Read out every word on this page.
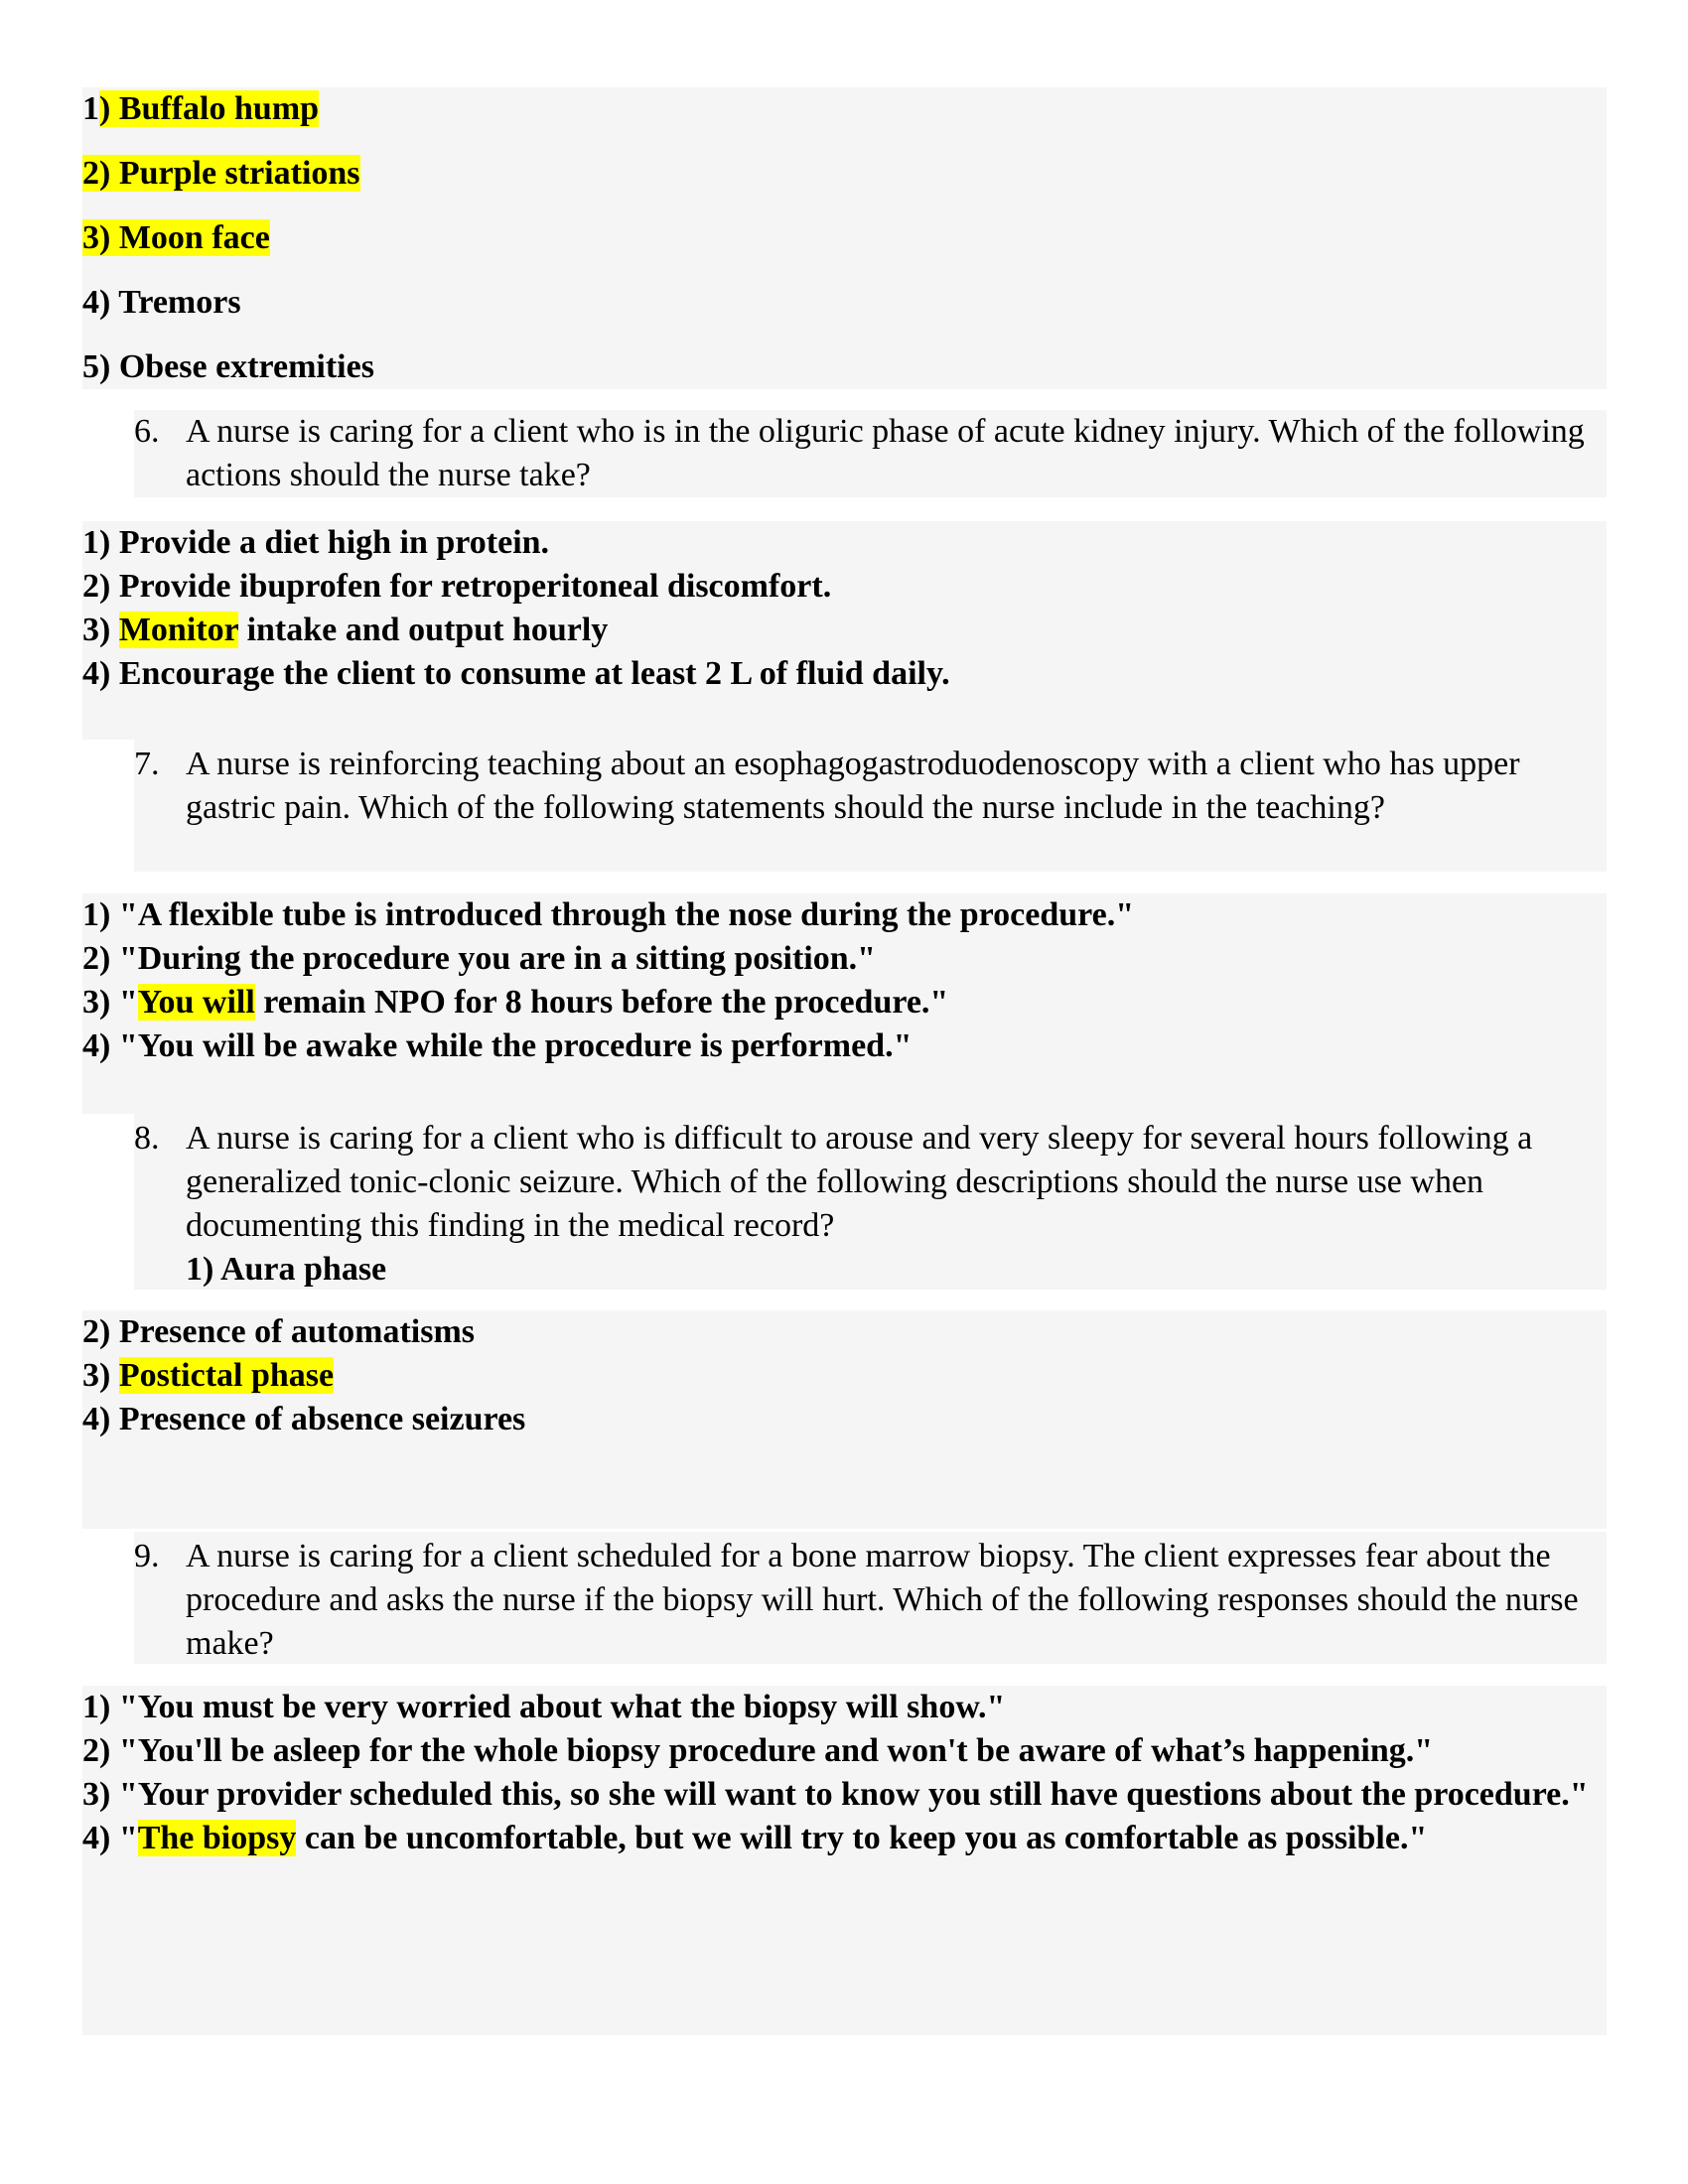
1) Buffalo hump
2) Purple striations
3) Moon face
4) Tremors
5) Obese extremities
6. A nurse is caring for a client who is in the oliguric phase of acute kidney injury. Which of the following actions should the nurse take?
1) Provide a diet high in protein.
2) Provide ibuprofen for retroperitoneal discomfort.
3) Monitor intake and output hourly
4) Encourage the client to consume at least 2 L of fluid daily.
7. A nurse is reinforcing teaching about an esophagogastroduodenoscopy with a client who has upper gastric pain. Which of the following statements should the nurse include in the teaching?
1) "A flexible tube is introduced through the nose during the procedure."
2) "During the procedure you are in a sitting position."
3) "You will remain NPO for 8 hours before the procedure."
4) "You will be awake while the procedure is performed."
8. A nurse is caring for a client who is difficult to arouse and very sleepy for several hours following a generalized tonic-clonic seizure. Which of the following descriptions should the nurse use when documenting this finding in the medical record?
1) Aura phase
2) Presence of automatisms
3) Postictal phase
4) Presence of absence seizures
9. A nurse is caring for a client scheduled for a bone marrow biopsy. The client expresses fear about the procedure and asks the nurse if the biopsy will hurt. Which of the following responses should the nurse make?
1) "You must be very worried about what the biopsy will show."
2) "You'll be asleep for the whole biopsy procedure and won't be aware of what’s happening."
3) "Your provider scheduled this, so she will want to know you still have questions about the procedure."
4) "The biopsy can be uncomfortable, but we will try to keep you as comfortable as possible."
